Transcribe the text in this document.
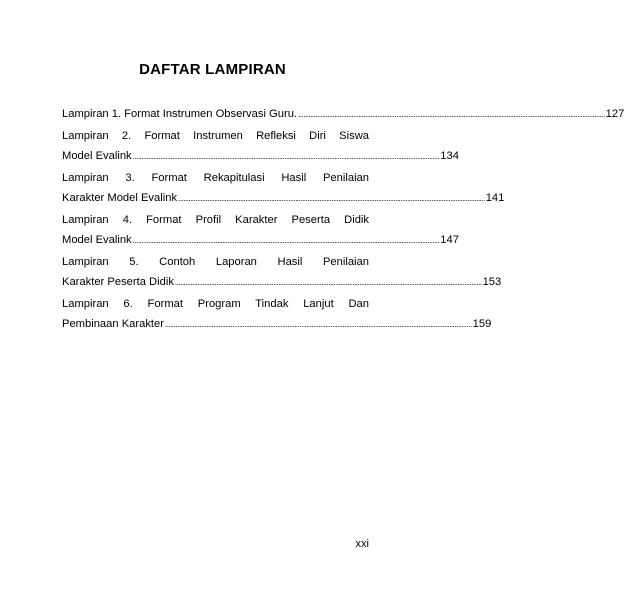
DAFTAR LAMPIRAN
Lampiran 1. Format Instrumen Observasi Guru. .................................................................................................................................................................................. 127
Lampiran 2. Format Instrumen Refleksi Diri Siswa
Model Evalink .................................................................................................................................................................................. 134
Lampiran 3. Format Rekapitulasi Hasil Penilaian
Karakter Model Evalink .................................................................................................................................................................................. 141
Lampiran 4. Format Profil Karakter Peserta Didik
Model Evalink .................................................................................................................................................................................. 147
Lampiran 5. Contoh Laporan Hasil Penilaian
Karakter Peserta Didik .................................................................................................................................................................................. 153
Lampiran 6. Format Program Tindak Lanjut Dan
Pembinaan Karakter .................................................................................................................................................................................. 159
xxi
